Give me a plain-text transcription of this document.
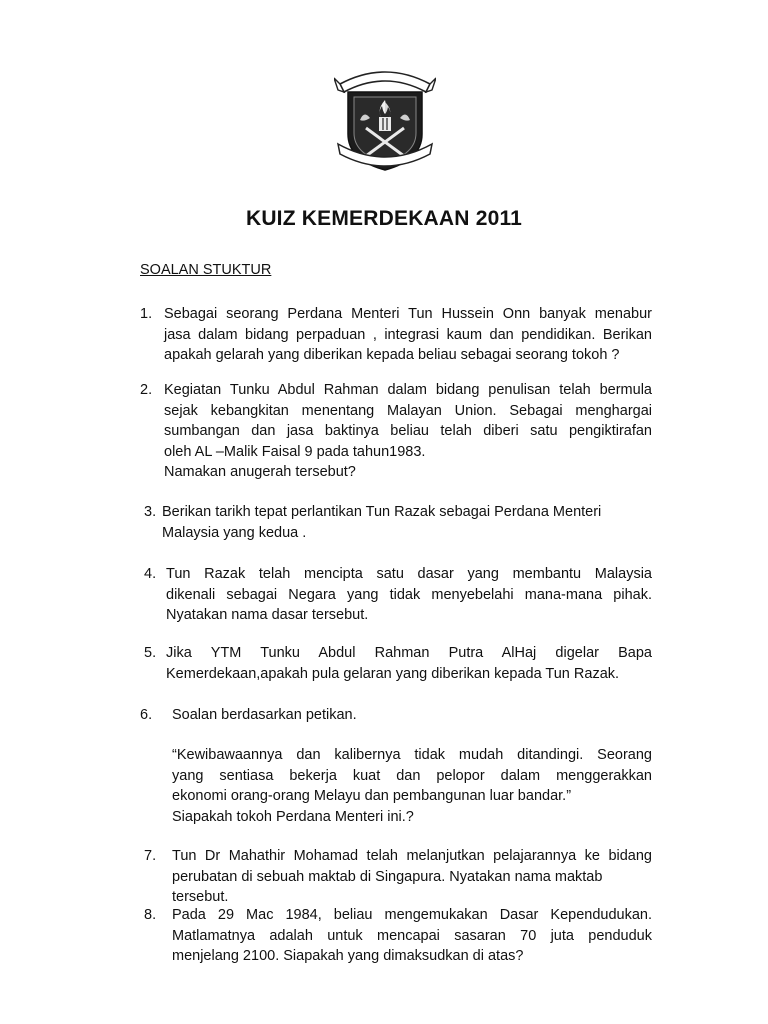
KUIZ KEMERDEKAAN 2011
SOALAN STUKTUR
1. Sebagai seorang Perdana Menteri Tun Hussein Onn banyak menabur
jasa dalam bidang perpaduan , integrasi kaum dan pendidikan. Berikan
apakah gelarah yang diberikan kepada beliau sebagai seorang tokoh ?
2. Kegiatan Tunku Abdul Rahman dalam bidang penulisan telah bermula
sejak kebangkitan menentang Malayan Union. Sebagai menghargai
sumbangan dan jasa baktinya beliau telah diberi satu pengiktirafan
oleh AL –Malik Faisal 9 pada tahun1983.
Namakan anugerah tersebut?
3. Berikan tarikh tepat perlantikan Tun Razak sebagai Perdana Menteri
Malaysia yang kedua .
4. Tun Razak telah mencipta satu dasar yang membantu Malaysia
dikenali sebagai Negara yang tidak menyebelahi mana-mana pihak.
Nyatakan nama dasar tersebut.
5. Jika YTM Tunku Abdul Rahman Putra AlHaj digelar Bapa
Kemerdekaan,apakah pula gelaran yang diberikan kepada Tun Razak.
6. Soalan berdasarkan petikan.
“Kewibawaannya dan kalibernya tidak mudah ditandingi. Seorang
yang sentiasa bekerja kuat dan pelopor dalam menggerakkan
ekonomi orang-orang Melayu dan pembangunan luar bandar.”
Siapakah tokoh Perdana Menteri ini.?
7. Tun Dr Mahathir Mohamad telah melanjutkan pelajarannya ke bidang
perubatan di sebuah maktab di Singapura. Nyatakan nama maktab
tersebut.
8. Pada 29 Mac 1984, beliau mengemukakan Dasar Kependudukan.
Matlamatnya adalah untuk mencapai sasaran 70 juta penduduk
menjelang 2100. Siapakah yang dimaksudkan di atas?
